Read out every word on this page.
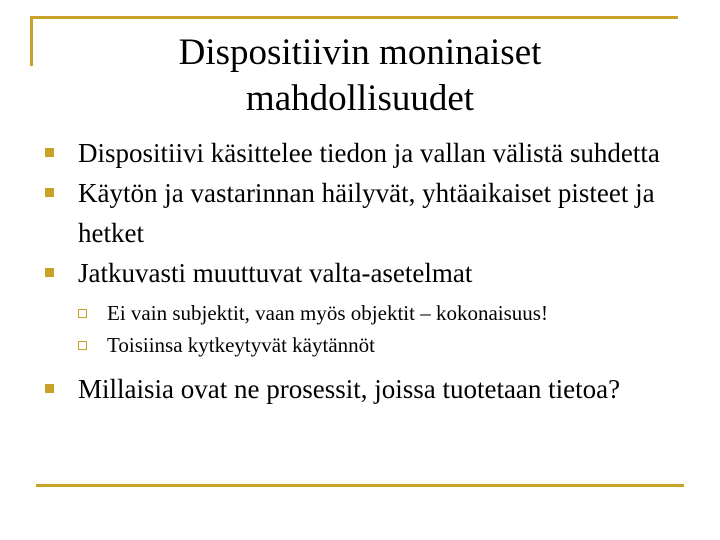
Dispositiivin moninaiset mahdollisuudet
Dispositiivi käsittelee tiedon ja vallan välistä suhdetta
Käytön ja vastarinnan häilyvät, yhtäaikaiset pisteet ja hetket
Jatkuvasti muuttuvat valta-asetelmat
Ei vain subjektit, vaan myös objektit – kokonaisuus!
Toisiinsa kytkeytyvät käytännöt
Millaisia ovat ne prosessit, joissa tuotetaan tietoa?
